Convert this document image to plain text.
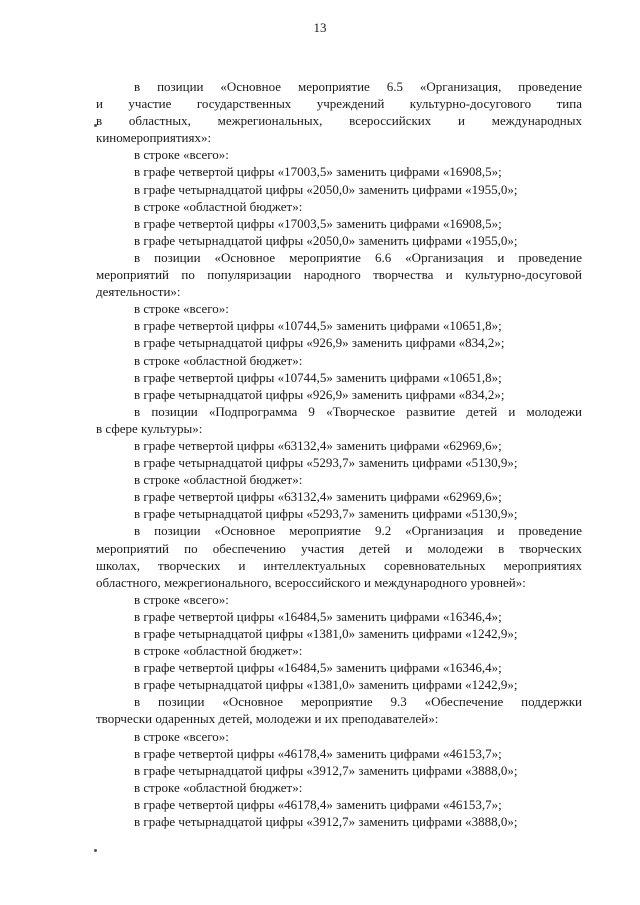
13
в позиции «Основное мероприятие 6.5 «Организация, проведение
и участие государственных учреждений культурно-досугового типа
в областных, межрегиональных, всероссийских и международных
киномероприятиях»:
в строке «всего»:
в графе четвертой цифры «17003,5» заменить цифрами «16908,5»;
в графе четырнадцатой цифры «2050,0» заменить цифрами «1955,0»;
в строке «областной бюджет»:
в графе четвертой цифры «17003,5» заменить цифрами «16908,5»;
в графе четырнадцатой цифры «2050,0» заменить цифрами «1955,0»;
в позиции «Основное мероприятие 6.6 «Организация и проведение
мероприятий по популяризации народного творчества и культурно-досуговой
деятельности»:
в строке «всего»:
в графе четвертой цифры «10744,5» заменить цифрами «10651,8»;
в графе четырнадцатой цифры «926,9» заменить цифрами «834,2»;
в строке «областной бюджет»:
в графе четвертой цифры «10744,5» заменить цифрами «10651,8»;
в графе четырнадцатой цифры «926,9» заменить цифрами «834,2»;
в позиции «Подпрограмма 9 «Творческое развитие детей и молодежи
в сфере культуры»:
в графе четвертой цифры «63132,4» заменить цифрами «62969,6»;
в графе четырнадцатой цифры «5293,7» заменить цифрами «5130,9»;
в строке «областной бюджет»:
в графе четвертой цифры «63132,4» заменить цифрами «62969,6»;
в графе четырнадцатой цифры «5293,7» заменить цифрами «5130,9»;
в позиции «Основное мероприятие 9.2 «Организация и проведение
мероприятий по обеспечению участия детей и молодежи в творческих
школах, творческих и интеллектуальных соревновательных мероприятиях
областного, межрегионального, всероссийского и международного уровней»:
в строке «всего»:
в графе четвертой цифры «16484,5» заменить цифрами «16346,4»;
в графе четырнадцатой цифры «1381,0» заменить цифрами «1242,9»;
в строке «областной бюджет»:
в графе четвертой цифры «16484,5» заменить цифрами «16346,4»;
в графе четырнадцатой цифры «1381,0» заменить цифрами «1242,9»;
в позиции «Основное мероприятие 9.3 «Обеспечение поддержки
творчески одаренных детей, молодежи и их преподавателей»:
в строке «всего»:
в графе четвертой цифры «46178,4» заменить цифрами «46153,7»;
в графе четырнадцатой цифры «3912,7» заменить цифрами «3888,0»;
в строке «областной бюджет»:
в графе четвертой цифры «46178,4» заменить цифрами «46153,7»;
в графе четырнадцатой цифры «3912,7» заменить цифрами «3888,0»;
